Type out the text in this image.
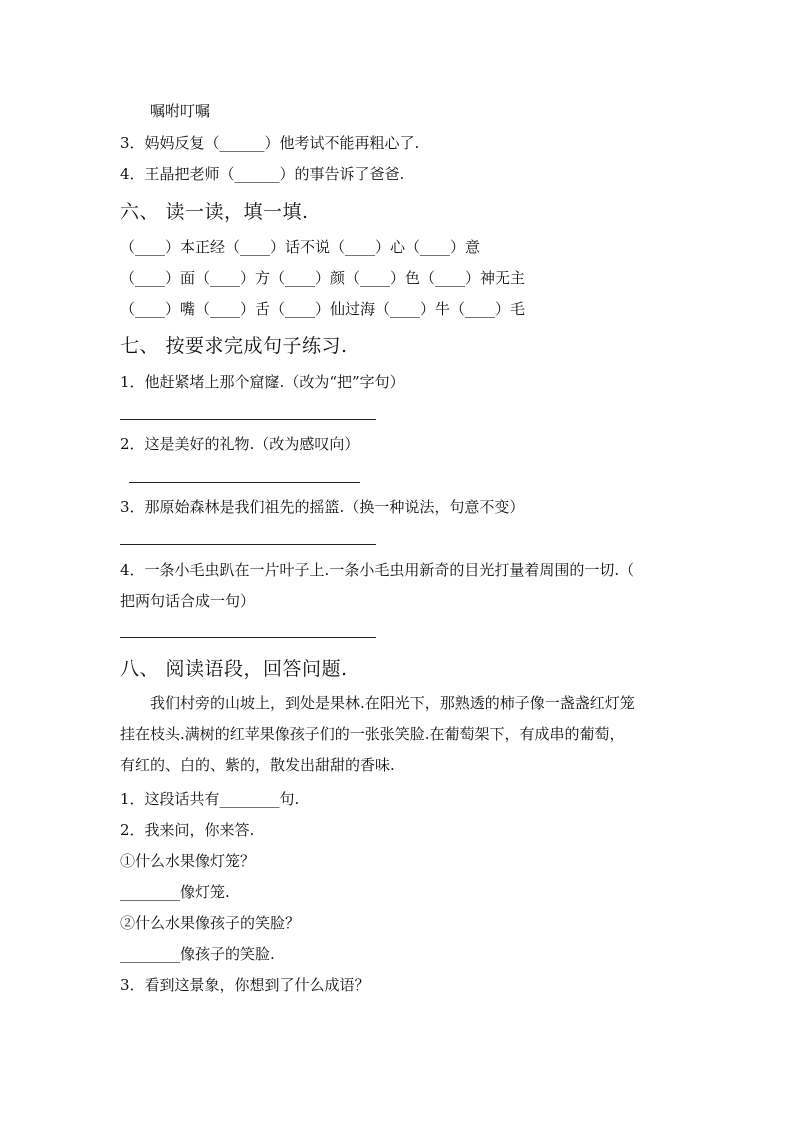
嘱咐叮嘱
3．妈妈反复（______）他考试不能再粗心了.
4．王晶把老师（______）的事告诉了爸爸.
六、 读一读，填一填.
（____）本正经（____）话不说（____）心（____）意
（____）面（____）方（____）颜（____）色（____）神无主
（____）嘴（____）舌（____）仙过海（____）牛（____）毛
七、 按要求完成句子练习.
1．他赶紧堵上那个窟窿.（改为“把”字句）
2．这是美好的礼物.（改为感叹向）
3．那原始森林是我们祖先的摇篮.（换一种说法，句意不变）
4．一条小毛虫趴在一片叶子上.一条小毛虫用新奇的目光打量着周围的一切.（
把两句话合成一句）
八、 阅读语段，回答问题.
我们村旁的山坡上，到处是果林.在阳光下，那熟透的柿子像一盏盏红灯笼
挂在枝头.满树的红苹果像孩子们的一张张笑脸.在葡萄架下，有成串的葡萄，
有红的、白的、紫的，散发出甜甜的香味.
1．这段话共有________句.
2．我来问，你来答.
①什么水果像灯笼？
________像灯笼.
②什么水果像孩子的笑脸？
________像孩子的笑脸.
3．看到这景象，你想到了什么成语？
